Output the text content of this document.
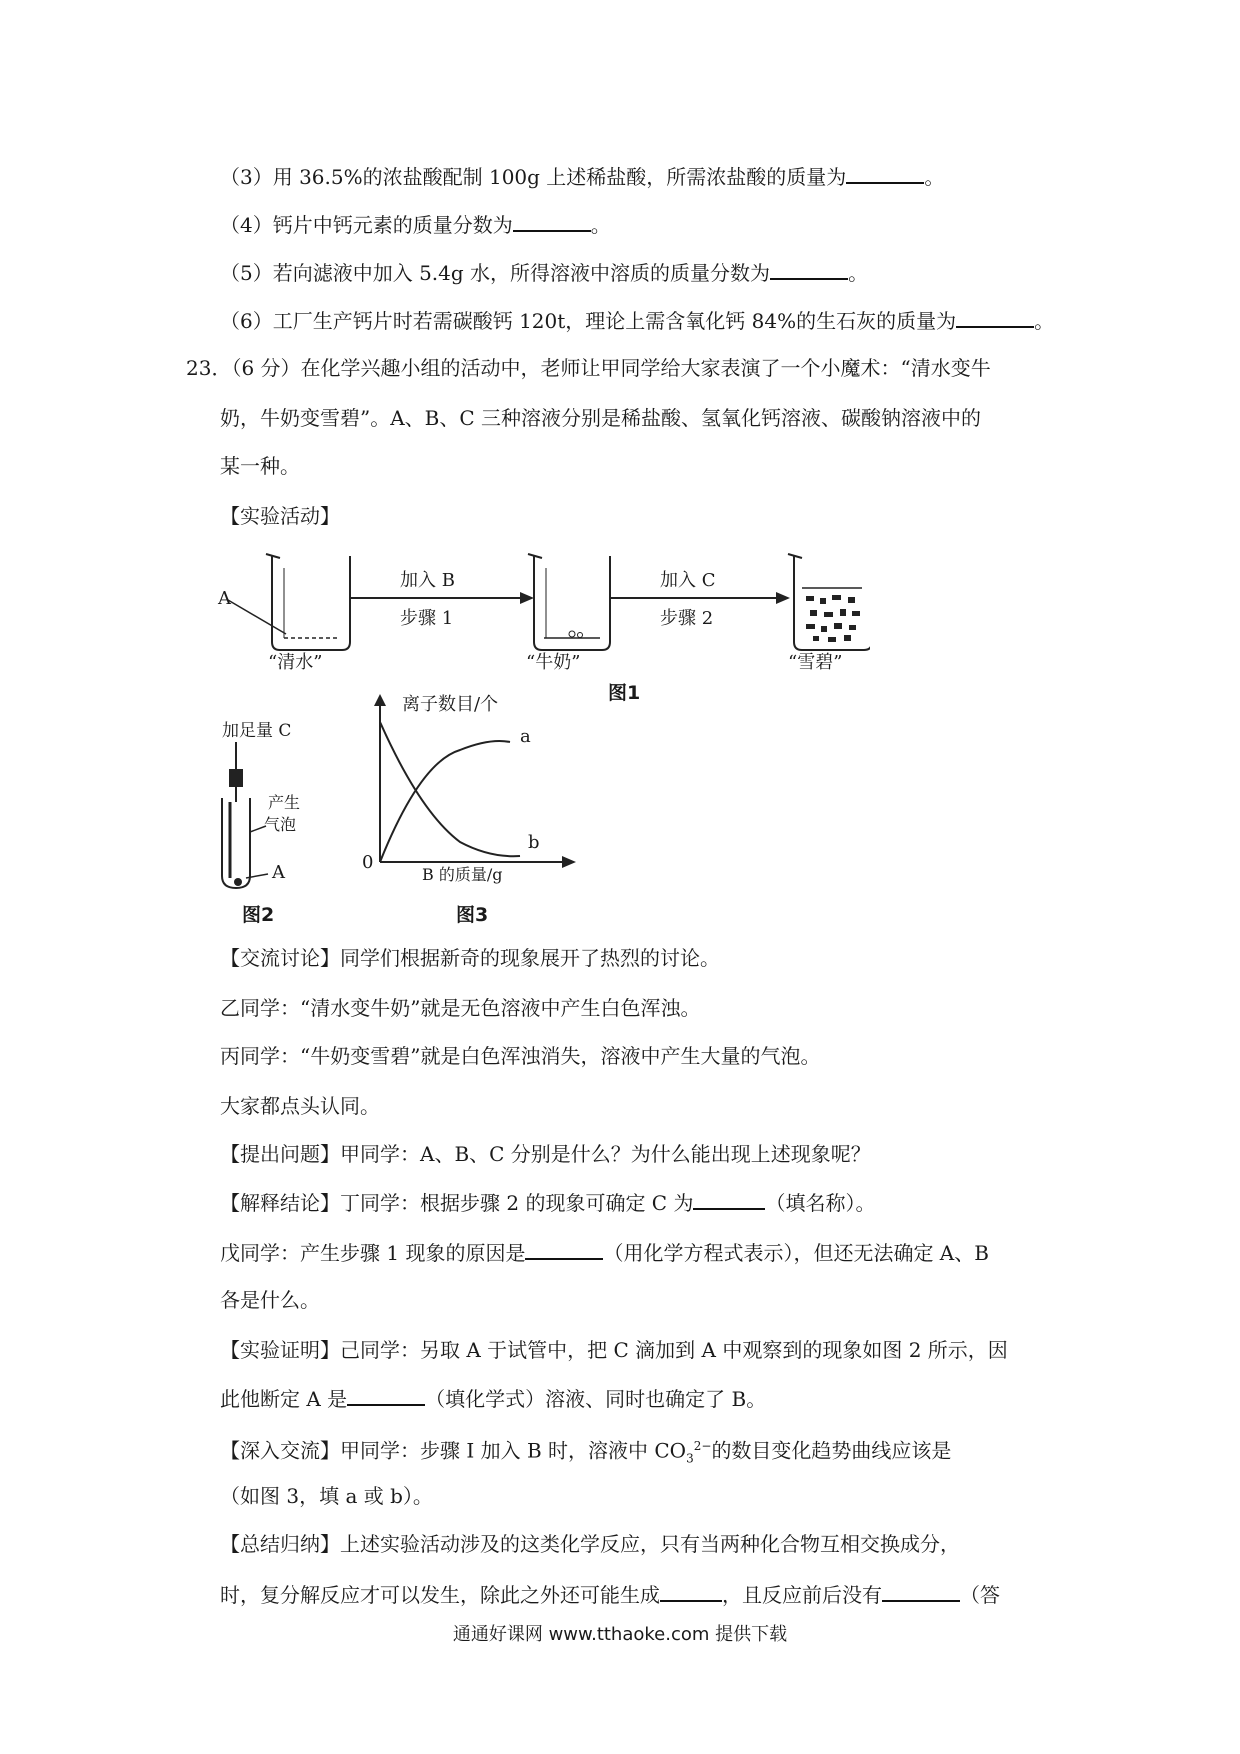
（3）用 36.5%的浓盐酸配制 100g 上述稀盐酸，所需浓盐酸的质量为	。
（4）钙片中钙元素的质量分数为	。
（5）若向滤液中加入 5.4g 水，所得溶液中溶质的质量分数为	。
（6）工厂生产钙片时若需碳酸钙 120t，理论上需含氧化钙 84%的生石灰的质量为	。
23．（6 分）在化学兴趣小组的活动中，老师让甲同学给大家表演了一个小魔术：“清水变牛
奶，牛奶变雪碧”。A、B、C 三种溶液分别是稀盐酸、氢氧化钙溶液、碳酸钠溶液中的
某一种。
【实验活动】
A
加入 B
步骤 1
加入 C
步骤 2
“清水”	“牛奶”	“雪碧”
图1
加足量 C
产生
气泡
A
图2
离子数目/个
a
b
0
B 的质量/g
图3
【交流讨论】同学们根据新奇的现象展开了热烈的讨论。
乙同学：“清水变牛奶”就是无色溶液中产生白色浑浊。
丙同学：“牛奶变雪碧”就是白色浑浊消失，溶液中产生大量的气泡。
大家都点头认同。
【提出问题】甲同学：A、B、C 分别是什么？为什么能出现上述现象呢？
【解释结论】丁同学：根据步骤 2 的现象可确定 C 为	（填名称）。
戊同学：产生步骤 1 现象的原因是	（用化学方程式表示），但还无法确定 A、B
各是什么。
【实验证明】己同学：另取 A 于试管中，把 C 滴加到 A 中观察到的现象如图 2 所示，因
此他断定 A 是	（填化学式）溶液、同时也确定了 B。
【深入交流】甲同学：步骤 I 加入 B 时，溶液中 $CO_3^{2-}$的数目变化趋势曲线应该是
（如图 3，填 a 或 b）。
【总结归纳】上述实验活动涉及的这类化学反应，只有当两种化合物互相交换成分，
时，复分解反应才可以发生，除此之外还可能生成	，且反应前后没有	（答
通通好课网 www.tthaoke.com 提供下载
